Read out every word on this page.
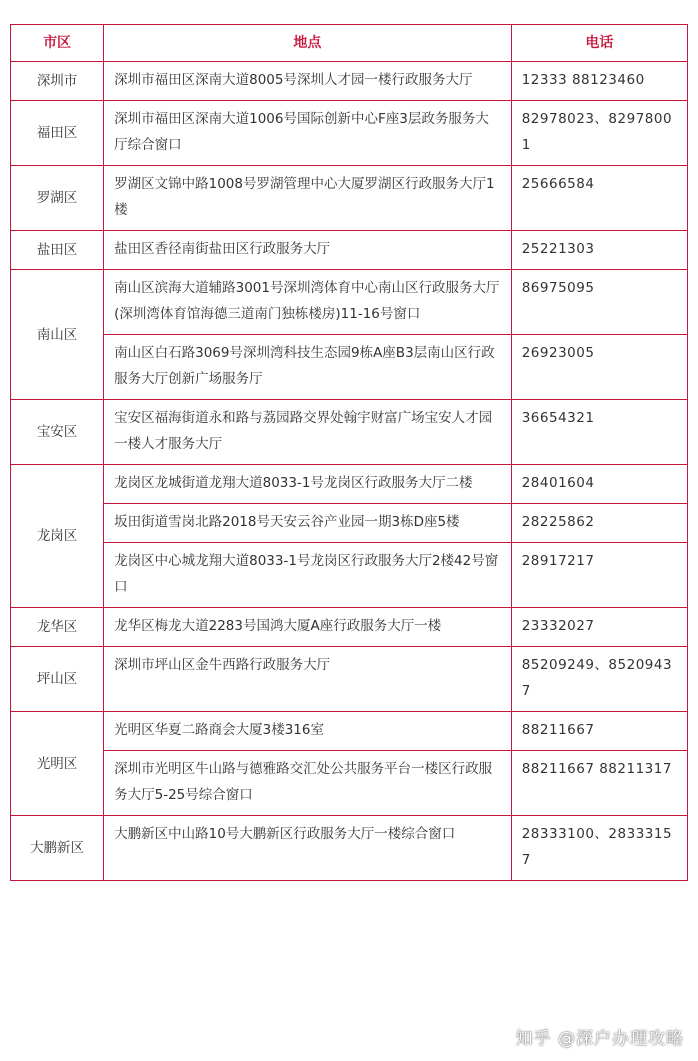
市区	地点	电话
深圳市	深圳市福田区深南大道8005号深圳人才园一楼行政服务大厅	12333 88123460
福田区	深圳市福田区深南大道1006号国际创新中心F座3层政务服务大厅综合窗口	82978023、82978001
罗湖区	罗湖区文锦中路1008号罗湖管理中心大厦罗湖区行政服务大厅1楼	25666584
盐田区	盐田区香径南街盐田区行政服务大厅	25221303
南山区	南山区滨海大道辅路3001号深圳湾体育中心南山区行政服务大厅(深圳湾体育馆海德三道南门独栋楼房)11-16号窗口	86975095
	南山区白石路3069号深圳湾科技生态园9栋A座B3层南山区行政服务大厅创新广场服务厅	26923005
宝安区	宝安区福海街道永和路与荔园路交界处翰宇财富广场宝安人才园一楼人才服务大厅	36654321
龙岗区	龙岗区龙城街道龙翔大道8033-1号龙岗区行政服务大厅二楼	28401604
	坂田街道雪岗北路2018号天安云谷产业园一期3栋D座5楼	28225862
	龙岗区中心城龙翔大道8033-1号龙岗区行政服务大厅2楼42号窗口	28917217
龙华区	龙华区梅龙大道2283号国鸿大厦A座行政服务大厅一楼	23332027
坪山区	深圳市坪山区金牛西路行政服务大厅	85209249、85209437
光明区	光明区华夏二路商会大厦3楼316室	88211667
	深圳市光明区牛山路与德雅路交汇处公共服务平台一楼区行政服务大厅5-25号综合窗口	88211667 88211317
大鹏新区	大鹏新区中山路10号大鹏新区行政服务大厅一楼综合窗口	28333100、28333157
知乎 @深户办理攻略
